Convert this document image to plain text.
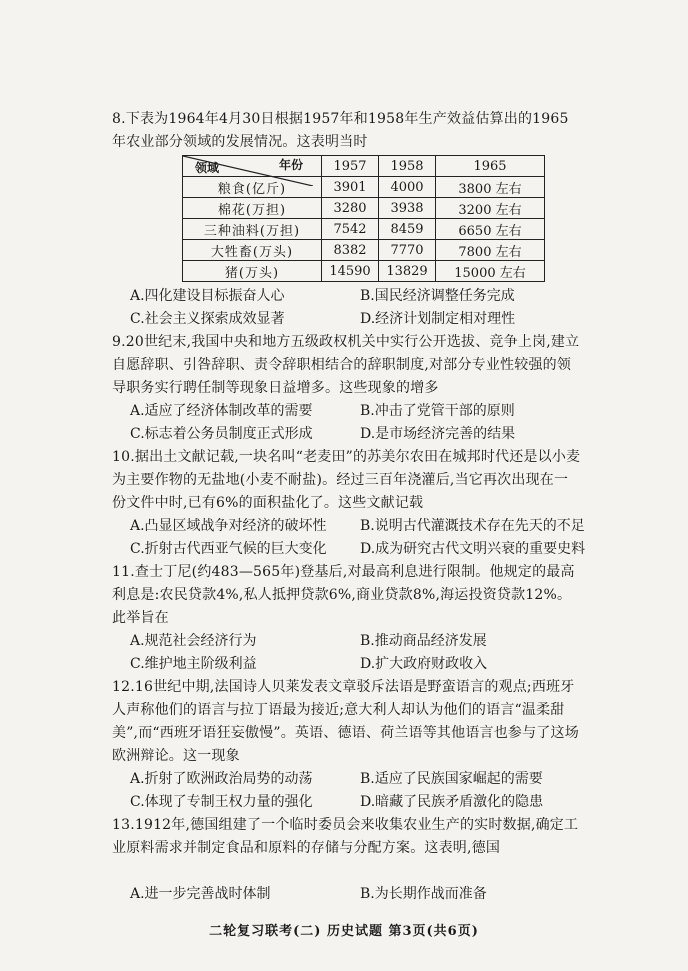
8.下表为1964年4月30日根据1957年和1958年生产效益估算出的1965年农业部分领域的发展情况。这表明当时
年份
领域	1957	1958	1965
粮食(亿斤)	3901	4000	3800 左右
棉花(万担)	3280	3938	3200 左右
三种油料(万担)	7542	8459	6650 左右
大牲畜(万头)	8382	7770	7800 左右
猪(万头)	14590	13829	15000 左右
A.四化建设目标振奋人心	B.国民经济调整任务完成
C.社会主义探索成效显著	D.经济计划制定相对理性
9.20世纪末,我国中央和地方五级政权机关中实行公开选拔、竞争上岗,建立自愿辞职、引咎辞职、责令辞职相结合的辞职制度,对部分专业性较强的领导职务实行聘任制等现象日益增多。这些现象的增多
A.适应了经济体制改革的需要	B.冲击了党管干部的原则
C.标志着公务员制度正式形成	D.是市场经济完善的结果
10.据出土文献记载,一块名叫“老麦田”的苏美尔农田在城邦时代还是以小麦为主要作物的无盐地(小麦不耐盐)。经过三百年浇灌后,当它再次出现在一份文件中时,已有6%的面积盐化了。这些文献记载
A.凸显区域战争对经济的破坏性	B.说明古代灌溉技术存在先天的不足
C.折射古代西亚气候的巨大变化	D.成为研究古代文明兴衰的重要史料
11.查士丁尼(约483—565年)登基后,对最高利息进行限制。他规定的最高利息是:农民贷款4%,私人抵押贷款6%,商业贷款8%,海运投资贷款12%。此举旨在
A.规范社会经济行为	B.推动商品经济发展
C.维护地主阶级利益	D.扩大政府财政收入
12.16世纪中期,法国诗人贝莱发表文章驳斥法语是野蛮语言的观点;西班牙人声称他们的语言与拉丁语最为接近;意大利人却认为他们的语言“温柔甜美”,而“西班牙语狂妄傲慢”。英语、德语、荷兰语等其他语言也参与了这场欧洲辩论。这一现象
A.折射了欧洲政治局势的动荡	B.适应了民族国家崛起的需要
C.体现了专制王权力量的强化	D.暗藏了民族矛盾激化的隐患
13.1912年,德国组建了一个临时委员会来收集农业生产的实时数据,确定工业原料需求并制定食品和原料的存储与分配方案。这表明,德国
二轮复习联考(二) 历史试题 第3页(共6页)
A.进一步完善战时体制	B.为长期作战而准备
